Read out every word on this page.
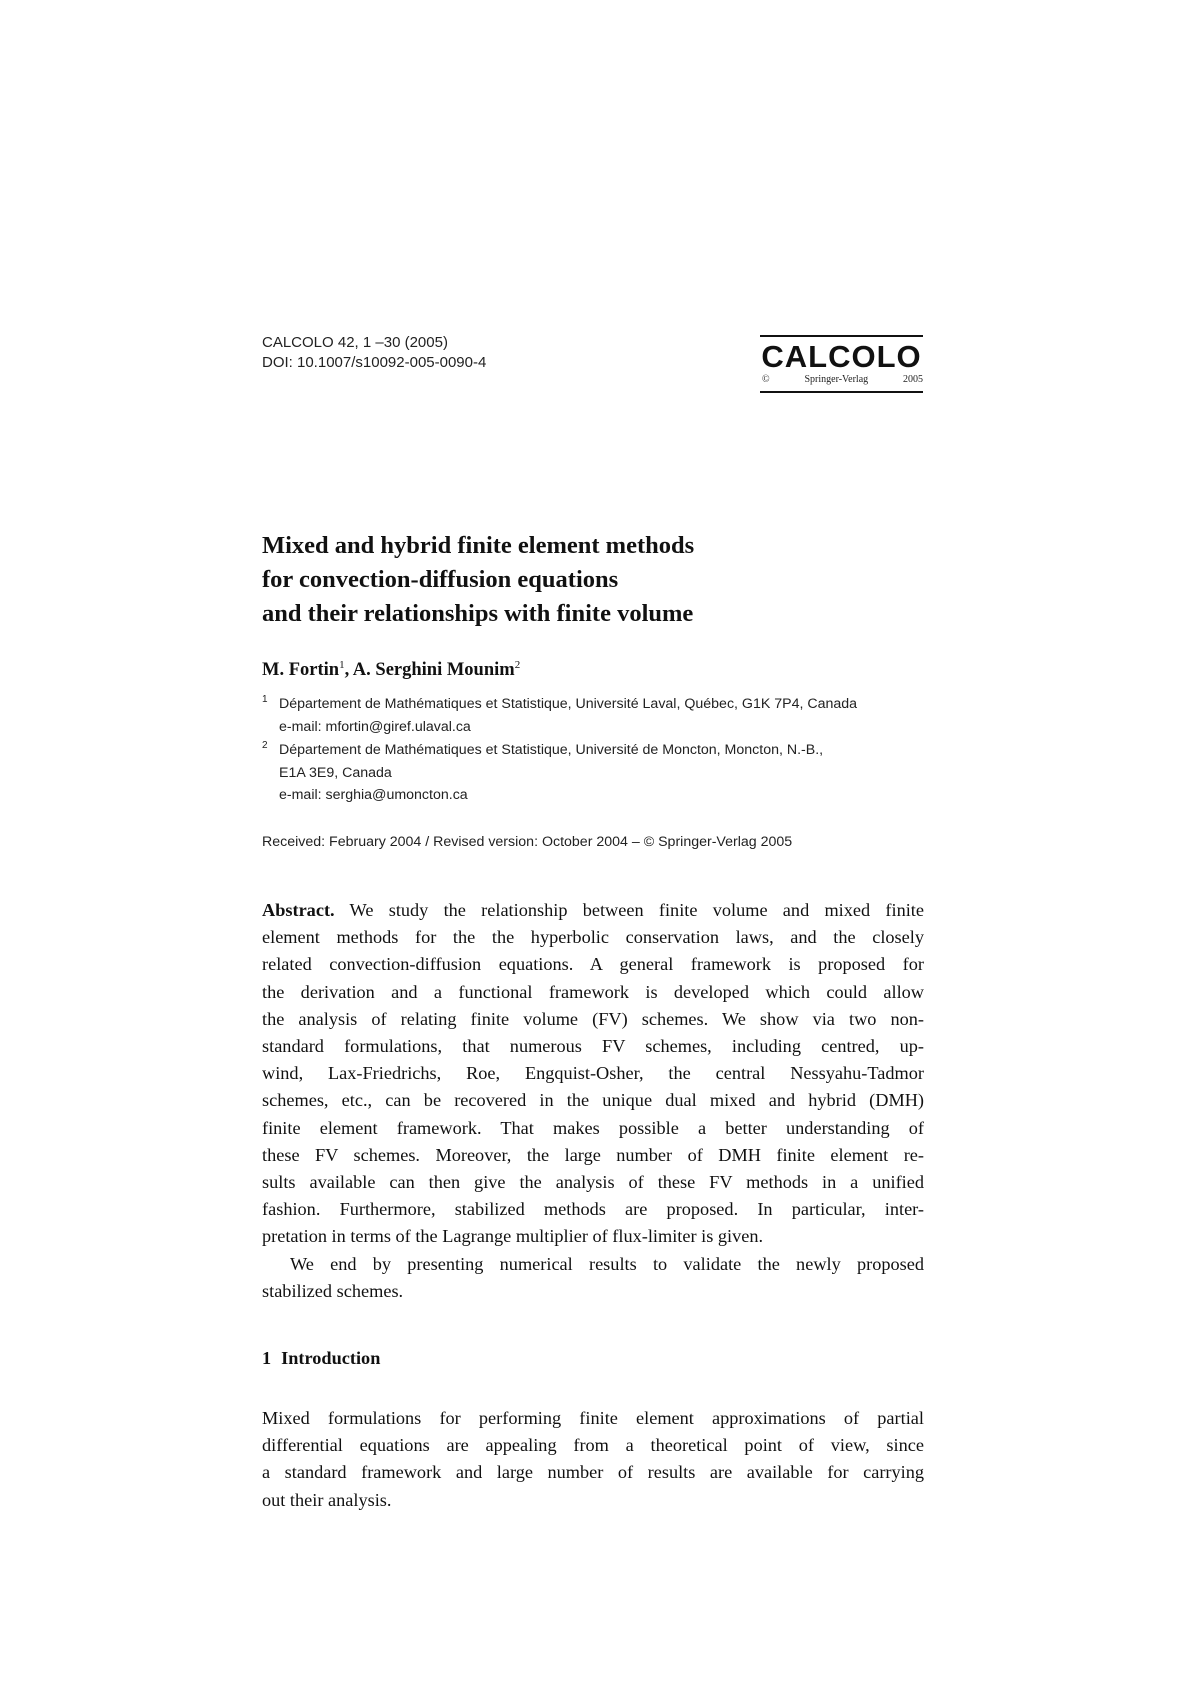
CALCOLO 42, 1 –30 (2005)
DOI: 10.1007/s10092-005-0090-4	CALCOLO
©	Springer-Verlag	2005
Mixed and hybrid finite element methods
for convection-diffusion equations
and their relationships with finite volume
M. Fortin$^1$, A. Serghini Mounim$^2$
1 Département de Mathématiques et Statistique, Université Laval, Québec, G1K 7P4, Canada
e-mail: mfortin@giref.ulaval.ca
2 Département de Mathématiques et Statistique, Université de Moncton, Moncton, N.-B.,
E1A 3E9, Canada
e-mail: serghia@umoncton.ca
Received: February 2004 / Revised version: October 2004 – © Springer-Verlag 2005
Abstract. We study the relationship between finite volume and mixed finite
element methods for the the hyperbolic conservation laws, and the closely
related convection-diffusion equations. A general framework is proposed for
the derivation and a functional framework is developed which could allow
the analysis of relating finite volume (FV) schemes. We show via two non-
standard formulations, that numerous FV schemes, including centred, up-
wind, Lax-Friedrichs, Roe, Engquist-Osher, the central Nessyahu-Tadmor
schemes, etc., can be recovered in the unique dual mixed and hybrid (DMH)
finite element framework. That makes possible a better understanding of
these FV schemes. Moreover, the large number of DMH finite element re-
sults available can then give the analysis of these FV methods in a unified
fashion. Furthermore, stabilized methods are proposed. In particular, inter-
pretation in terms of the Lagrange multiplier of flux-limiter is given.
We end by presenting numerical results to validate the newly proposed
stabilized schemes.
1 Introduction
Mixed formulations for performing finite element approximations of partial
differential equations are appealing from a theoretical point of view, since
a standard framework and large number of results are available for carrying
out their analysis.
